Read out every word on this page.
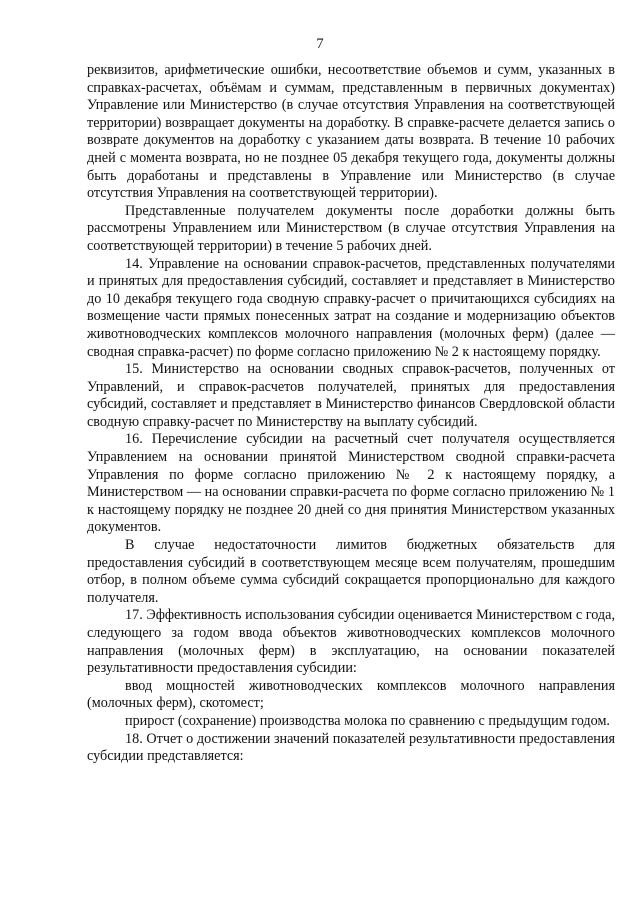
7

реквизитов, арифметические ошибки, несоответствие объемов и сумм, указанных в справках-расчетах, объёмам и суммам, представленным в первичных документах) Управление или Министерство (в случае отсутствия Управления на соответствующей территории) возвращает документы на доработку. В справке-расчете делается запись о возврате документов на доработку с указанием даты возврата. В течение 10 рабочих дней с момента возврата, но не позднее 05 декабря текущего года, документы должны быть доработаны и представлены в Управление или Министерство (в случае отсутствия Управления на соответствующей территории).

Представленные получателем документы после доработки должны быть рассмотрены Управлением или Министерством (в случае отсутствия Управления на соответствующей территории) в течение 5 рабочих дней.

14. Управление на основании справок-расчетов, представленных получателями и принятых для предоставления субсидий, составляет и представляет в Министерство до 10 декабря текущего года сводную справку-расчет о причитающихся субсидиях на возмещение части прямых понесенных затрат на создание и модернизацию объектов животноводческих комплексов молочного направления (молочных ферм) (далее — сводная справка-расчет) по форме согласно приложению № 2 к настоящему порядку.

15. Министерство на основании сводных справок-расчетов, полученных от Управлений, и справок-расчетов получателей, принятых для предоставления субсидий, составляет и представляет в Министерство финансов Свердловской области сводную справку-расчет по Министерству на выплату субсидий.

16. Перечисление субсидии на расчетный счет получателя осуществляется Управлением на основании принятой Министерством сводной справки-расчета Управления по форме согласно приложению № 2 к настоящему порядку, а Министерством — на основании справки-расчета по форме согласно приложению № 1 к настоящему порядку не позднее 20 дней со дня принятия Министерством указанных документов.

В случае недостаточности лимитов бюджетных обязательств для предоставления субсидий в соответствующем месяце всем получателям, прошедшим отбор, в полном объеме сумма субсидий сокращается пропорционально для каждого получателя.

17. Эффективность использования субсидии оценивается Министерством с года, следующего за годом ввода объектов животноводческих комплексов молочного направления (молочных ферм) в эксплуатацию, на основании показателей результативности предоставления субсидии:

ввод мощностей животноводческих комплексов молочного направления (молочных ферм), скотомест;

прирост (сохранение) производства молока по сравнению с предыдущим годом.

18. Отчет о достижении значений показателей результативности предоставления субсидии представляется:
